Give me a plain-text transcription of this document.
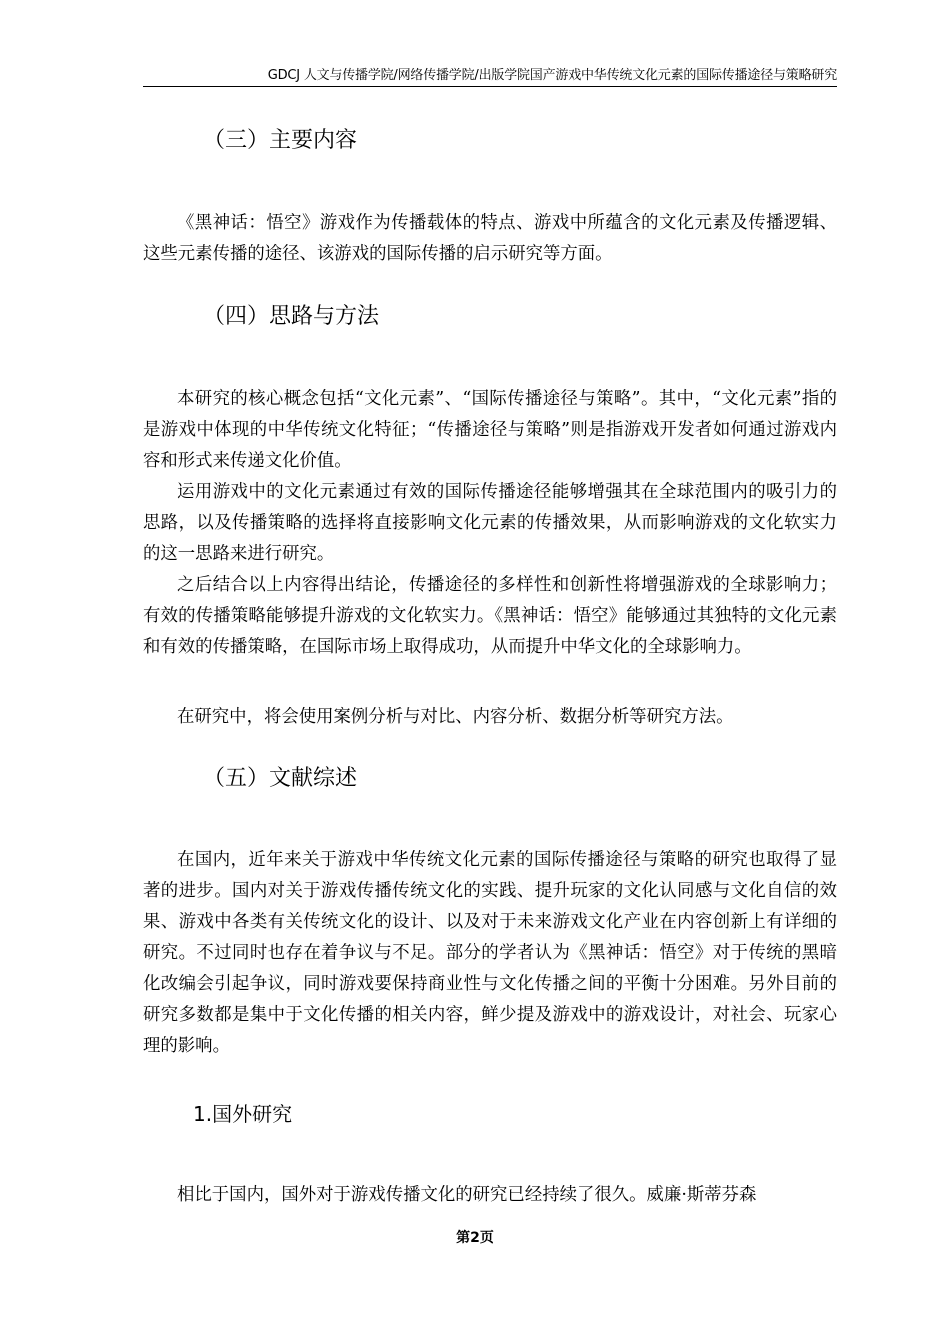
GDCJ 人文与传播学院/网络传播学院/出版学院国产游戏中华传统文化元素的国际传播途径与策略研究
（三）主要内容

《黑神话：悟空》游戏作为传播载体的特点、游戏中所蕴含的文化元素及传播逻辑、这些元素传播的途径、该游戏的国际传播的启示研究等方面。

（四）思路与方法

本研究的核心概念包括“文化元素”、“国际传播途径与策略”。其中，“文化元素”指的是游戏中体现的中华传统文化特征；“传播途径与策略”则是指游戏开发者如何通过游戏内容和形式来传递文化价值。

运用游戏中的文化元素通过有效的国际传播途径能够增强其在全球范围内的吸引力的思路，以及传播策略的选择将直接影响文化元素的传播效果，从而影响游戏的文化软实力的这一思路来进行研究。

之后结合以上内容得出结论，传播途径的多样性和创新性将增强游戏的全球影响力；有效的传播策略能够提升游戏的文化软实力。《黑神话：悟空》能够通过其独特的文化元素和有效的传播策略，在国际市场上取得成功，从而提升中华文化的全球影响力。

在研究中，将会使用案例分析与对比、内容分析、数据分析等研究方法。

（五）文献综述

在国内，近年来关于游戏中华传统文化元素的国际传播途径与策略的研究也取得了显著的进步。国内对关于游戏传播传统文化的实践、提升玩家的文化认同感与文化自信的效果、游戏中各类有关传统文化的设计、以及对于未来游戏文化产业在内容创新上有详细的研究。不过同时也存在着争议与不足。部分的学者认为《黑神话：悟空》对于传统的黑暗化改编会引起争议，同时游戏要保持商业性与文化传播之间的平衡十分困难。另外目前的研究多数都是集中于文化传播的相关内容，鲜少提及游戏中的游戏设计，对社会、玩家心理的影响。

1.国外研究

相比于国内，国外对于游戏传播文化的研究已经持续了很久。威廉·斯蒂芬森

第2页
